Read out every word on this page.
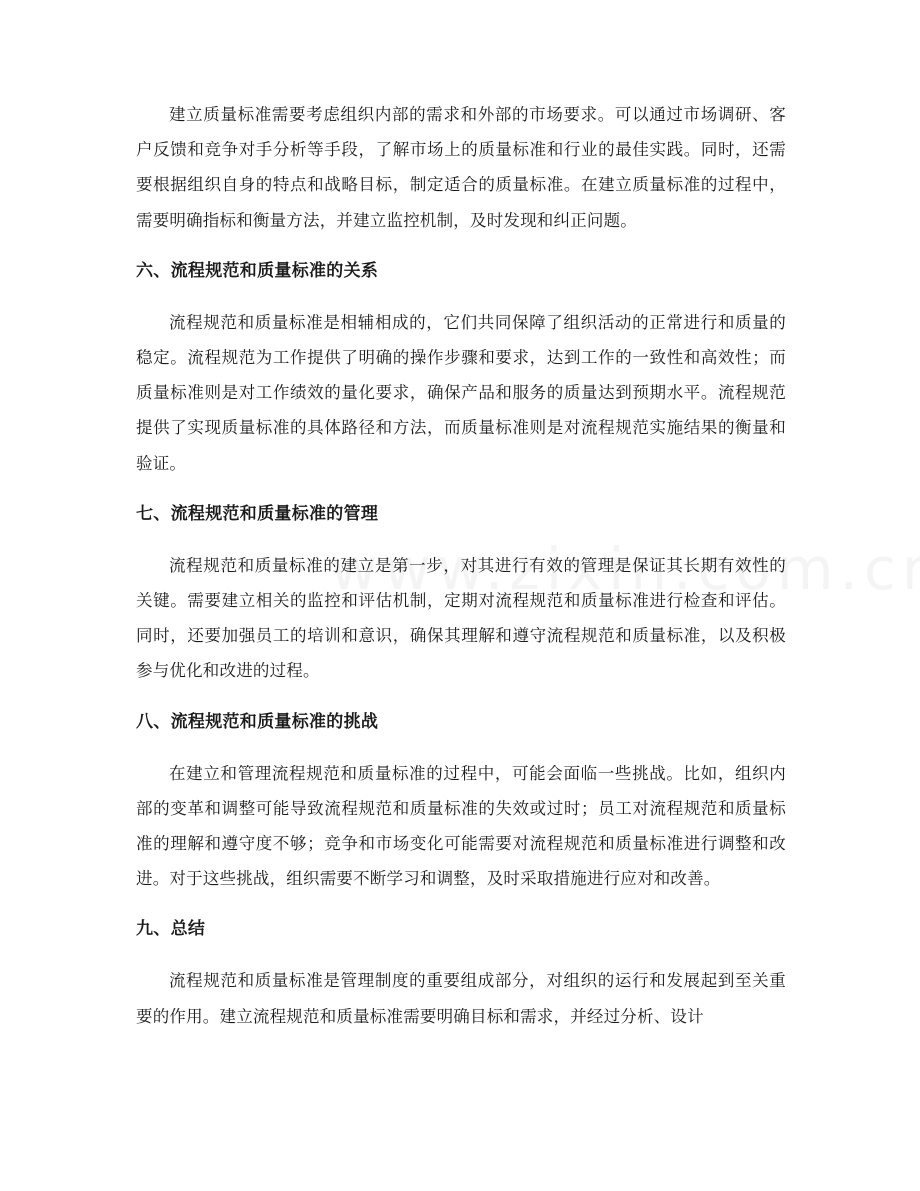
建立质量标准需要考虑组织内部的需求和外部的市场要求。可以通过市场调研、客户反馈和竞争对手分析等手段，了解市场上的质量标准和行业的最佳实践。同时，还需要根据组织自身的特点和战略目标，制定适合的质量标准。在建立质量标准的过程中，需要明确指标和衡量方法，并建立监控机制，及时发现和纠正问题。

六、流程规范和质量标准的关系

流程规范和质量标准是相辅相成的，它们共同保障了组织活动的正常进行和质量的稳定。流程规范为工作提供了明确的操作步骤和要求，达到工作的一致性和高效性；而质量标准则是对工作绩效的量化要求，确保产品和服务的质量达到预期水平。流程规范提供了实现质量标准的具体路径和方法，而质量标准则是对流程规范实施结果的衡量和验证。

七、流程规范和质量标准的管理

流程规范和质量标准的建立是第一步，对其进行有效的管理是保证其长期有效性的关键。需要建立相关的监控和评估机制，定期对流程规范和质量标准进行检查和评估。同时，还要加强员工的培训和意识，确保其理解和遵守流程规范和质量标准，以及积极参与优化和改进的过程。

八、流程规范和质量标准的挑战

在建立和管理流程规范和质量标准的过程中，可能会面临一些挑战。比如，组织内部的变革和调整可能导致流程规范和质量标准的失效或过时；员工对流程规范和质量标准的理解和遵守度不够；竞争和市场变化可能需要对流程规范和质量标准进行调整和改进。对于这些挑战，组织需要不断学习和调整，及时采取措施进行应对和改善。

九、总结

流程规范和质量标准是管理制度的重要组成部分，对组织的运行和发展起到至关重要的作用。建立流程规范和质量标准需要明确目标和需求，并经过分析、设计
